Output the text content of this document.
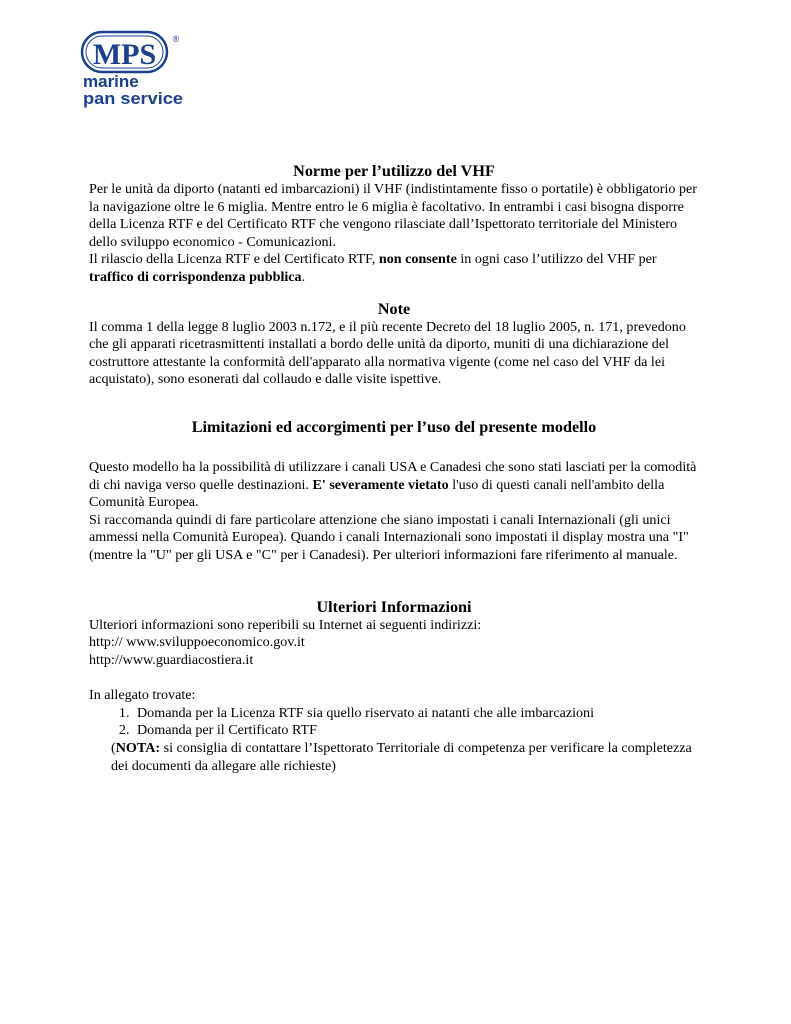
MPS ®
marine
pan service
Norme per l’utilizzo del VHF

Per le unità da diporto (natanti ed imbarcazioni) il VHF (indistintamente fisso o portatile) è obbligatorio per la navigazione oltre le 6 miglia. Mentre entro le 6 miglia è facoltativo. In entrambi i casi bisogna disporre della Licenza RTF e del Certificato RTF che vengono rilasciate dall’Ispettorato territoriale del Ministero dello sviluppo economico - Comunicazioni.

Il rilascio della Licenza RTF e del Certificato RTF, non consente in ogni caso l’utilizzo del VHF per traffico di corrispondenza pubblica.

Note

Il comma 1 della legge 8 luglio 2003 n.172, e il più recente Decreto del 18 luglio 2005, n. 171, prevedono che gli apparati ricetrasmittenti installati a bordo delle unità da diporto, muniti di una dichiarazione del costruttore attestante la conformità dell'apparato alla normativa vigente (come nel caso del VHF da lei acquistato), sono esonerati dal collaudo e dalle visite ispettive.

Limitazioni ed accorgimenti per l’uso del presente modello

Questo modello ha la possibilità di utilizzare i canali USA e Canadesi che sono stati lasciati per la comodità di chi naviga verso quelle destinazioni. E' severamente vietato l'uso di questi canali nell'ambito della Comunità Europea.

Si raccomanda quindi di fare particolare attenzione che siano impostati i canali Internazionali (gli unici ammessi nella Comunità Europea). Quando i canali Internazionali sono impostati il display mostra una "I" (mentre la "U" per gli USA e "C" per i Canadesi). Per ulteriori informazioni fare riferimento al manuale.

Ulteriori Informazioni

Ulteriori informazioni sono reperibili su Internet ai seguenti indirizzi:

http:// www.sviluppoeconomico.gov.it

http://www.guardiacostiera.it

In allegato trovate:

1. Domanda per la Licenza RTF sia quello riservato ai natanti che alle imbarcazioni
2. Domanda per il Certificato RTF

(NOTA: si consiglia di contattare l’Ispettorato Territoriale di competenza per verificare la completezza dei documenti da allegare alle richieste)
